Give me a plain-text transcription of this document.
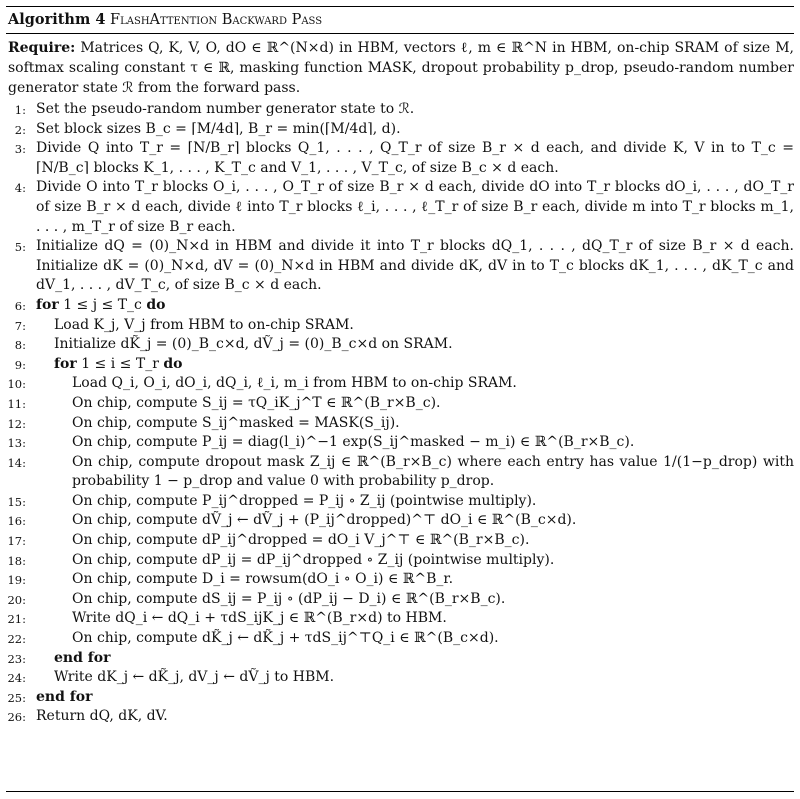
Algorithm 4 FlashAttention Backward Pass
Require: Matrices Q, K, V, O, dO ∈ ℝ^(N×d) in HBM, vectors ℓ, m ∈ ℝ^N in HBM, on-chip SRAM of size M, softmax scaling constant τ ∈ ℝ, masking function MASK, dropout probability p_drop, pseudo-random number generator state ℛ from the forward pass.
1: Set the pseudo-random number generator state to ℛ.
2: Set block sizes B_c = ⌈M/4d⌉, B_r = min(⌈M/4d⌉, d).
3: Divide Q into T_r = ⌈N/B_r⌉ blocks Q_1, . . . , Q_T_r of size B_r × d each, and divide K, V in to T_c = ⌈N/B_c⌉ blocks K_1, . . . , K_T_c and V_1, . . . , V_T_c, of size B_c × d each.
4: Divide O into T_r blocks O_i, . . . , O_T_r of size B_r × d each, divide dO into T_r blocks dO_i, . . . , dO_T_r of size B_r × d each, divide ℓ into T_r blocks ℓ_i, . . . , ℓ_T_r of size B_r each, divide m into T_r blocks m_1, . . . , m_T_r of size B_r each.
5: Initialize dQ = (0)_N×d in HBM and divide it into T_r blocks dQ_1, . . . , dQ_T_r of size B_r × d each. Initialize dK = (0)_N×d, dV = (0)_N×d in HBM and divide dK, dV in to T_c blocks dK_1, . . . , dK_T_c and dV_1, . . . , dV_T_c, of size B_c × d each.
6: for 1 ≤ j ≤ T_c do
7: Load K_j, V_j from HBM to on-chip SRAM.
8: Initialize dK̃_j = (0)_B_c×d, dṼ_j = (0)_B_c×d on SRAM.
9: for 1 ≤ i ≤ T_r do
10:	Load Q_i, O_i, dO_i, dQ_i, ℓ_i, m_i from HBM to on-chip SRAM.
11:	On chip, compute S_ij = τQ_iK_j^T ∈ ℝ^(B_r×B_c).
12:	On chip, compute S_ij^masked = MASK(S_ij).
13:	On chip, compute P_ij = diag(l_i)^−1 exp(S_ij^masked − m_i) ∈ ℝ^(B_r×B_c).
14:	On chip, compute dropout mask Z_ij ∈ ℝ^(B_r×B_c) where each entry has value 1/(1−p_drop) with probability 1 − p_drop and value 0 with probability p_drop.
15:	On chip, compute P_ij^dropped = P_ij ∘ Z_ij (pointwise multiply).
16:	On chip, compute dṼ_j ← dṼ_j + (P_ij^dropped)^⊤ dO_i ∈ ℝ^(B_c×d).
17:	On chip, compute dP_ij^dropped = dO_i V_j^⊤ ∈ ℝ^(B_r×B_c).
18:	On chip, compute dP_ij = dP_ij^dropped ∘ Z_ij (pointwise multiply).
19:	On chip, compute D_i = rowsum(dO_i ∘ O_i) ∈ ℝ^B_r.
20:	On chip, compute dS_ij = P_ij ∘ (dP_ij − D_i) ∈ ℝ^(B_r×B_c).
21:	Write dQ_i ← dQ_i + τdS_ijK_j ∈ ℝ^(B_r×d) to HBM.
22:	On chip, compute dK̃_j ← dK̃_j + τdS_ij^⊤Q_i ∈ ℝ^(B_c×d).
23: end for
24: Write dK_j ← dK̃_j, dV_j ← dṼ_j to HBM.
25: end for
26: Return dQ, dK, dV.
